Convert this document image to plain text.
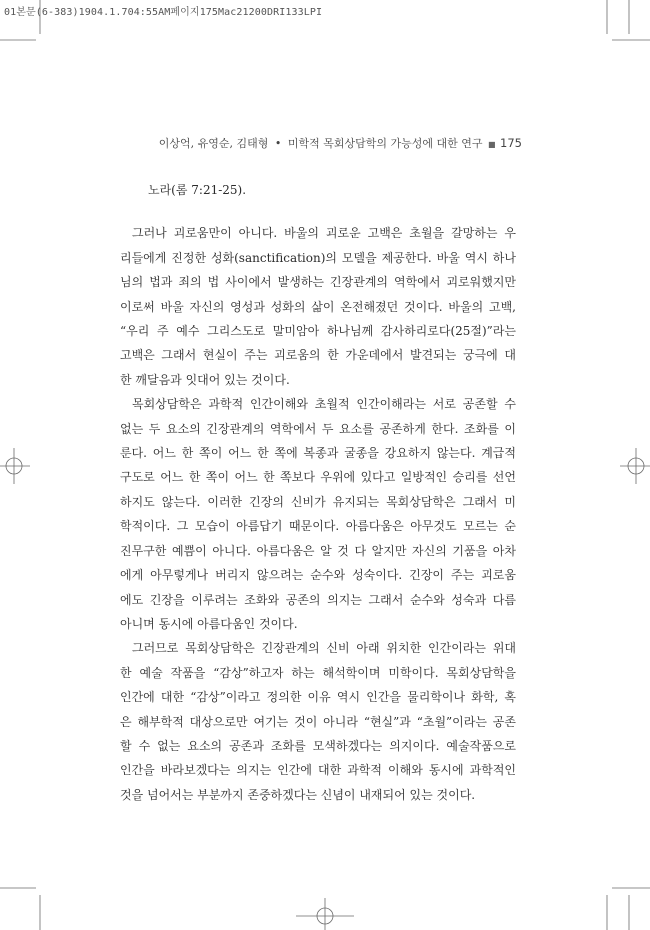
01본문(6-383)1904.1.704:55AM페이지175Mac21200DRI133LPI
이상억, 유영순, 김태형 • 미학적 목회상담학의 가능성에 대한 연구 ■ 175
노라(롬 7:21-25).
그러나 괴로움만이 아니다. 바울의 괴로운 고백은 초월을 갈망하는 우
리들에게 진정한 성화(sanctification)의 모델을 제공한다. 바울 역시 하나
님의 법과 죄의 법 사이에서 발생하는 긴장관계의 역학에서 괴로워했지만
이로써 바울 자신의 영성과 성화의 삶이 온전해졌던 것이다. 바울의 고백,
“우리 주 예수 그리스도로 말미암아 하나님께 감사하리로다(25절)”라는
고백은 그래서 현실이 주는 괴로움의 한 가운데에서 발견되는 궁극에 대
한 깨달음과 잇대어 있는 것이다.
목회상담학은 과학적 인간이해와 초월적 인간이해라는 서로 공존할 수
없는 두 요소의 긴장관계의 역학에서 두 요소를 공존하게 한다. 조화를 이
룬다. 어느 한 쪽이 어느 한 쪽에 복종과 굴종을 강요하지 않는다. 계급적
구도로 어느 한 쪽이 어느 한 쪽보다 우위에 있다고 일방적인 승리를 선언
하지도 않는다. 이러한 긴장의 신비가 유지되는 목회상담학은 그래서 미
학적이다. 그 모습이 아름답기 때문이다. 아름다움은 아무것도 모르는 순
진무구한 예쁨이 아니다. 아름다움은 알 것 다 알지만 자신의 기품을 아차
에게 아무렇게나 버리지 않으려는 순수와 성숙이다. 긴장이 주는 괴로움
에도 긴장을 이루려는 조화와 공존의 의지는 그래서 순수와 성숙과 다름
아니며 동시에 아름다움인 것이다.
그러므로 목회상담학은 긴장관계의 신비 아래 위치한 인간이라는 위대
한 예술 작품을 “감상”하고자 하는 해석학이며 미학이다. 목회상담학을
인간에 대한 “감상”이라고 정의한 이유 역시 인간을 물리학이나 화학, 혹
은 해부학적 대상으로만 여기는 것이 아니라 “현실”과 “초월”이라는 공존
할 수 없는 요소의 공존과 조화를 모색하겠다는 의지이다. 예술작품으로
인간을 바라보겠다는 의지는 인간에 대한 과학적 이해와 동시에 과학적인
것을 넘어서는 부분까지 존중하겠다는 신념이 내재되어 있는 것이다.
